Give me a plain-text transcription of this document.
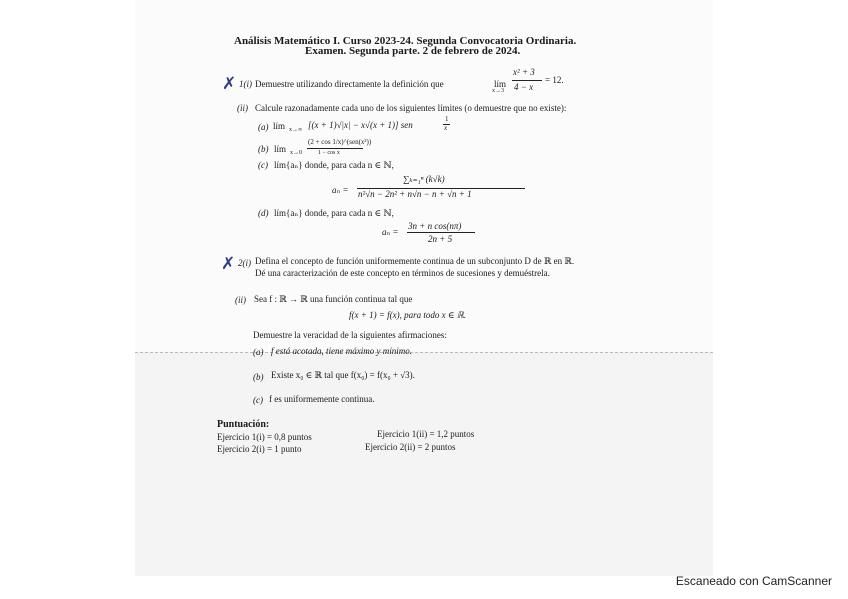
Análisis Matemático I. Curso 2023-24. Segunda Convocatoria Ordinaria.
Examen. Segunda parte. 2 de febrero de 2024.
✗ 1(i) Demuestre utilizando directamente la definición que	lím
x→3
x² + 3
4 − x
= 12.
(ii) Calcule razonadamente cada uno de los siguientes límites (o demuestre que no existe):
(a) lím x→∞ [(x + 1)√|x| − x√(x + 1)] sen
1
x
(b) lím x→0
(2 + cos 1/x)^(sen(x²))
1 − cos x
(c) lím{aₙ} donde, para cada n ∈ ℕ,
aₙ =
∑ₖ₌₁ⁿ (k√k)
n²√n − 2n² + n√n − n + √n + 1
(d) lím{aₙ} donde, para cada n ∈ ℕ,
aₙ =
3n + n cos(nπ)
2n + 5
✗ 2(i) Defina el concepto de función uniformemente continua de un subconjunto D de ℝ en ℝ.
Dé una caracterización de este concepto en términos de sucesiones y demuéstrela.
(ii) Sea f : ℝ → ℝ una función continua tal que
f(x + 1) = f(x), para todo x ∈ ℝ.
Demuestre la veracidad de la siguientes afirmaciones:
(a) f está acotada, tiene máximo y mínimo.
(b) Existe x₀ ∈ ℝ tal que f(x₀) = f(x₀ + √3).
(c) f es uniformemente continua.
Puntuación:
Ejercicio 1(i) = 0,8 puntos	Ejercicio 1(ii) = 1,2 puntos
Ejercicio 2(i) = 1 punto	Ejercicio 2(ii) = 2 puntos
Escaneado con CamScanner
